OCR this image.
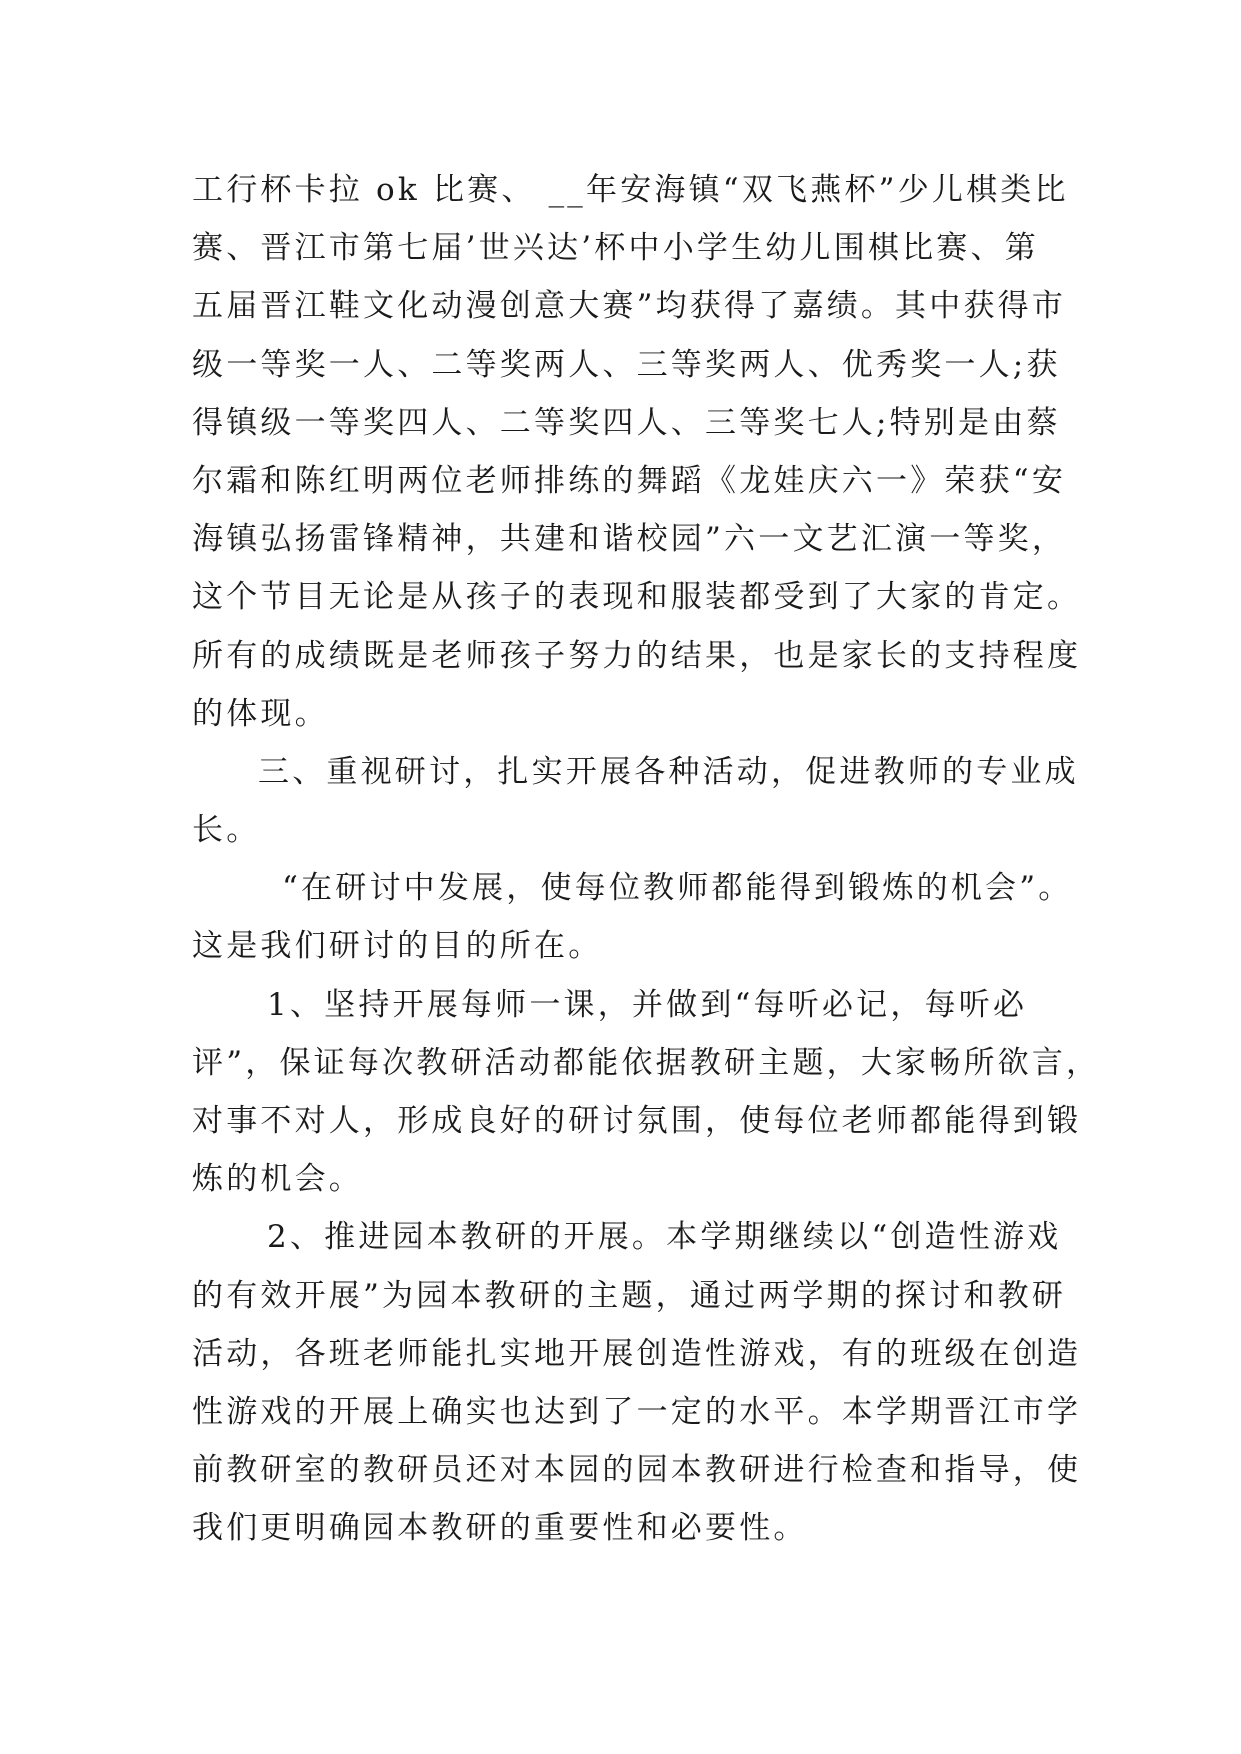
工行杯卡拉 ok 比赛、 __年安海镇“双飞燕杯”少儿棋类比
赛、晋江市第七届’世兴达’杯中小学生幼儿围棋比赛、第
五届晋江鞋文化动漫创意大赛”均获得了嘉绩。其中获得市
级一等奖一人、二等奖两人、三等奖两人、优秀奖一人;获
得镇级一等奖四人、二等奖四人、三等奖七人;特别是由蔡
尔霜和陈红明两位老师排练的舞蹈《龙娃庆六一》荣获“安
海镇弘扬雷锋精神，共建和谐校园”六一文艺汇演一等奖，
这个节目无论是从孩子的表现和服装都受到了大家的肯定。
所有的成绩既是老师孩子努力的结果，也是家长的支持程度
的体现。
三、重视研讨，扎实开展各种活动，促进教师的专业成
长。
“在研讨中发展，使每位教师都能得到锻炼的机会”。
这是我们研讨的目的所在。
1、坚持开展每师一课，并做到“每听必记，每听必
评”，保证每次教研活动都能依据教研主题，大家畅所欲言，
对事不对人，形成良好的研讨氛围，使每位老师都能得到锻
炼的机会。
2、推进园本教研的开展。本学期继续以“创造性游戏
的有效开展”为园本教研的主题，通过两学期的探讨和教研
活动，各班老师能扎实地开展创造性游戏，有的班级在创造
性游戏的开展上确实也达到了一定的水平。本学期晋江市学
前教研室的教研员还对本园的园本教研进行检查和指导，使
我们更明确园本教研的重要性和必要性。
